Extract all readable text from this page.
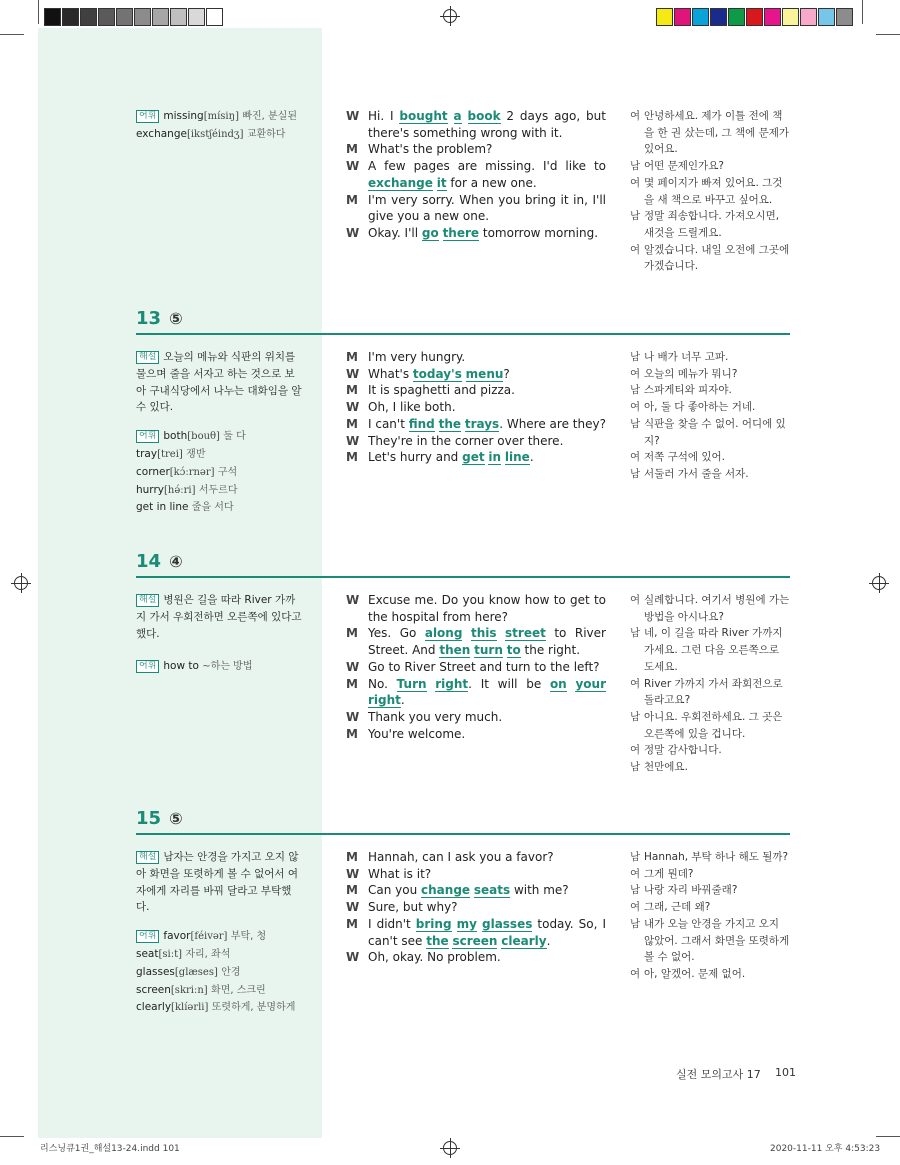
어휘 missing[mísiŋ] 빠진, 분실된
exchange[ikstʃéindʒ] 교환하다
W Hi. I bought a book 2 days ago, but there's something wrong with it.
M What's the problem?
W A few pages are missing. I'd like to exchange it for a new one.
M I'm very sorry. When you bring it in, I'll give you a new one.
W Okay. I'll go there tomorrow morning.
여 안녕하세요. 제가 이틀 전에 책을 한 권 샀는데, 그 책에 문제가 있어요.
남 어떤 문제인가요?
여 몇 페이지가 빠져 있어요. 그것을 새 책으로 바꾸고 싶어요.
남 정말 죄송합니다. 가져오시면, 새것을 드릴게요.
여 알겠습니다. 내일 오전에 그곳에 가겠습니다.
13 ⑤
해설 오늘의 메뉴와 식판의 위치를 물으며 줄을 서자고 하는 것으로 보아 구내식당에서 나누는 대화임을 알 수 있다.
어휘 both[bouθ] 둘 다
tray[trei] 쟁반
corner[kɔ́ːrnər] 구석
hurry[hə́ːri] 서두르다
get in line 줄을 서다
M I'm very hungry.
W What's today's menu?
M It is spaghetti and pizza.
W Oh, I like both.
M I can't find the trays. Where are they?
W They're in the corner over there.
M Let's hurry and get in line.
남 나 배가 너무 고파.
여 오늘의 메뉴가 뭐니?
남 스파게티와 피자야.
여 아, 둘 다 좋아하는 거네.
남 식판을 찾을 수 없어. 어디에 있지?
여 저쪽 구석에 있어.
남 서둘러 가서 줄을 서자.
14 ④
해설 병원은 길을 따라 River 가까지 가서 우회전하면 오른쪽에 있다고 했다.
어휘 how to ~하는 방법
W Excuse me. Do you know how to get to the hospital from here?
M Yes. Go along this street to River Street. And then turn to the right.
W Go to River Street and turn to the left?
M No. Turn right. It will be on your right.
W Thank you very much.
M You're welcome.
여 실례합니다. 여기서 병원에 가는 방법을 아시나요?
남 네, 이 길을 따라 River 가까지 가세요. 그런 다음 오른쪽으로 도세요.
여 River 가까지 가서 좌회전으로 돌라고요?
남 아니요. 우회전하세요. 그 곳은 오른쪽에 있을 겁니다.
여 정말 감사합니다.
남 천만에요.
15 ⑤
해설 남자는 안경을 가지고 오지 않아 화면을 또렷하게 볼 수 없어서 여자에게 자리를 바꿔 달라고 부탁했다.
어휘 favor[féivər] 부탁, 청
seat[siːt] 자리, 좌석
glasses[glæses] 안경
screen[skriːn] 화면, 스크린
clearly[klíərli] 또렷하게, 분명하게
M Hannah, can I ask you a favor?
W What is it?
M Can you change seats with me?
W Sure, but why?
M I didn't bring my glasses today. So, I can't see the screen clearly.
W Oh, okay. No problem.
남 Hannah, 부탁 하나 해도 될까?
여 그게 뭔데?
남 나랑 자리 바꿔줄래?
여 그래, 근데 왜?
남 내가 오늘 안경을 가지고 오지 않았어. 그래서 화면을 또렷하게 볼 수 없어.
여 아, 알겠어. 문제 없어.
실전 모의고사 17 101
리스닝큐1권_해설13-24.indd 101	2020-11-11 오후 4:53:23
